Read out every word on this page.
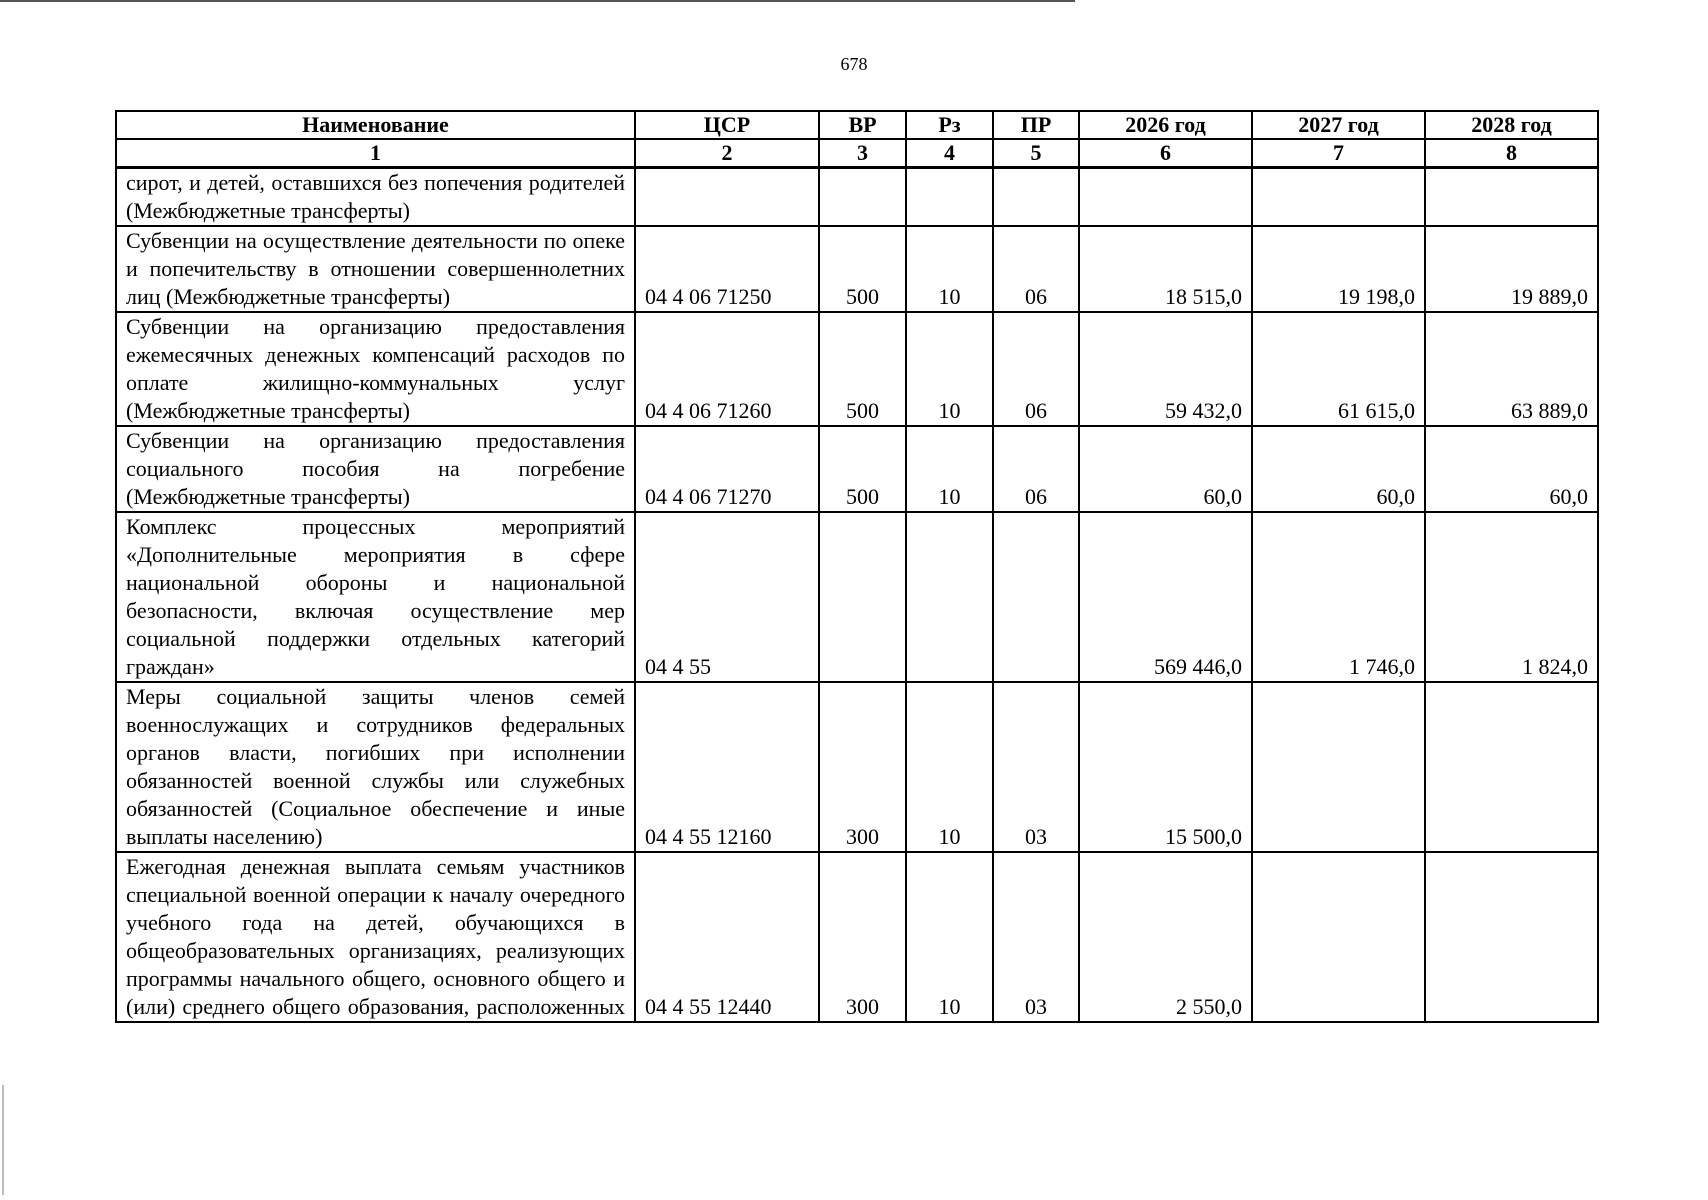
678
Наименование	ЦСР	ВР	Рз	ПР	2026 год	2027 год	2028 год
1	2	3	4	5	6	7	8
сирот, и детей, оставшихся без попечения родителей (Межбюджетные трансферты)							
Субвенции на осуществление деятельности по опеке и попечительству в отношении совершеннолетних лиц (Межбюджетные трансферты)	04 4 06 71250	500	10	06	18 515,0	19 198,0	19 889,0
Субвенции на организацию предоставления ежемесячных денежных компенсаций расходов по оплате жилищно-коммунальных услуг (Межбюджетные трансферты)	04 4 06 71260	500	10	06	59 432,0	61 615,0	63 889,0
Субвенции на организацию предоставления социального пособия на погребение (Межбюджетные трансферты)	04 4 06 71270	500	10	06	60,0	60,0	60,0
Комплекс процессных мероприятий «Дополнительные мероприятия в сфере национальной обороны и национальной безопасности, включая осуществление мер социальной поддержки отдельных категорий граждан»	04 4 55				569 446,0	1 746,0	1 824,0
Меры социальной защиты членов семей военнослужащих и сотрудников федеральных органов власти, погибших при исполнении обязанностей военной службы или служебных обязанностей (Социальное обеспечение и иные выплаты населению)	04 4 55 12160	300	10	03	15 500,0		
Ежегодная денежная выплата семьям участников специальной военной операции к началу очередного учебного года на детей, обучающихся в общеобразовательных организациях, реализующих программы начального общего, основного общего и (или) среднего общего образования, расположенных	04 4 55 12440	300	10	03	2 550,0		
